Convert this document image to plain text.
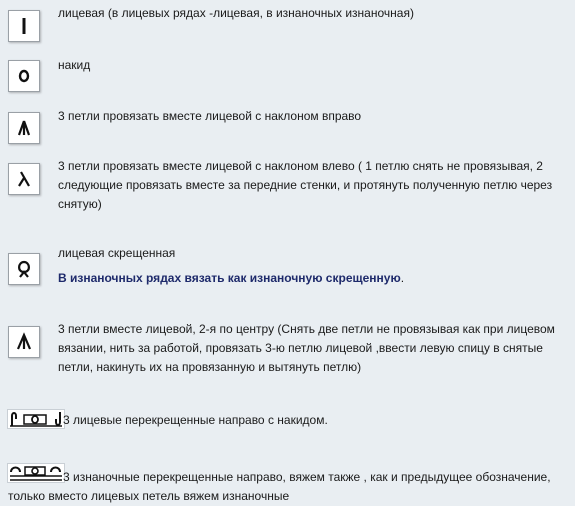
лицевая (в лицевых рядах -лицевая, в изнаночных изнаночная)
накид
3 петли провязать вместе лицевой с наклоном вправо
3 петли провязать вместе лицевой с наклоном влево ( 1 петлю снять не провязывая, 2
следующие провязать вместе за передние стенки, и протянуть полученную петлю через
снятую)
лицевая скрещенная
В изнаночных рядах вязать как изнаночную скрещенную.
3 петли вместе лицевой, 2-я по центру (Снять две петли не провязывая как при лицевом
вязании, нить за работой, провязать 3-ю петлю лицевой ,ввести левую спицу в снятые
петли, накинуть их на провязанную и вытянуть петлю)
3 лицевые перекрещенные направо с накидом.
3 изнаночные перекрещенные направо, вяжем также , как и предыдущее обозначение,
только вместо лицевых петель вяжем изнаночные
